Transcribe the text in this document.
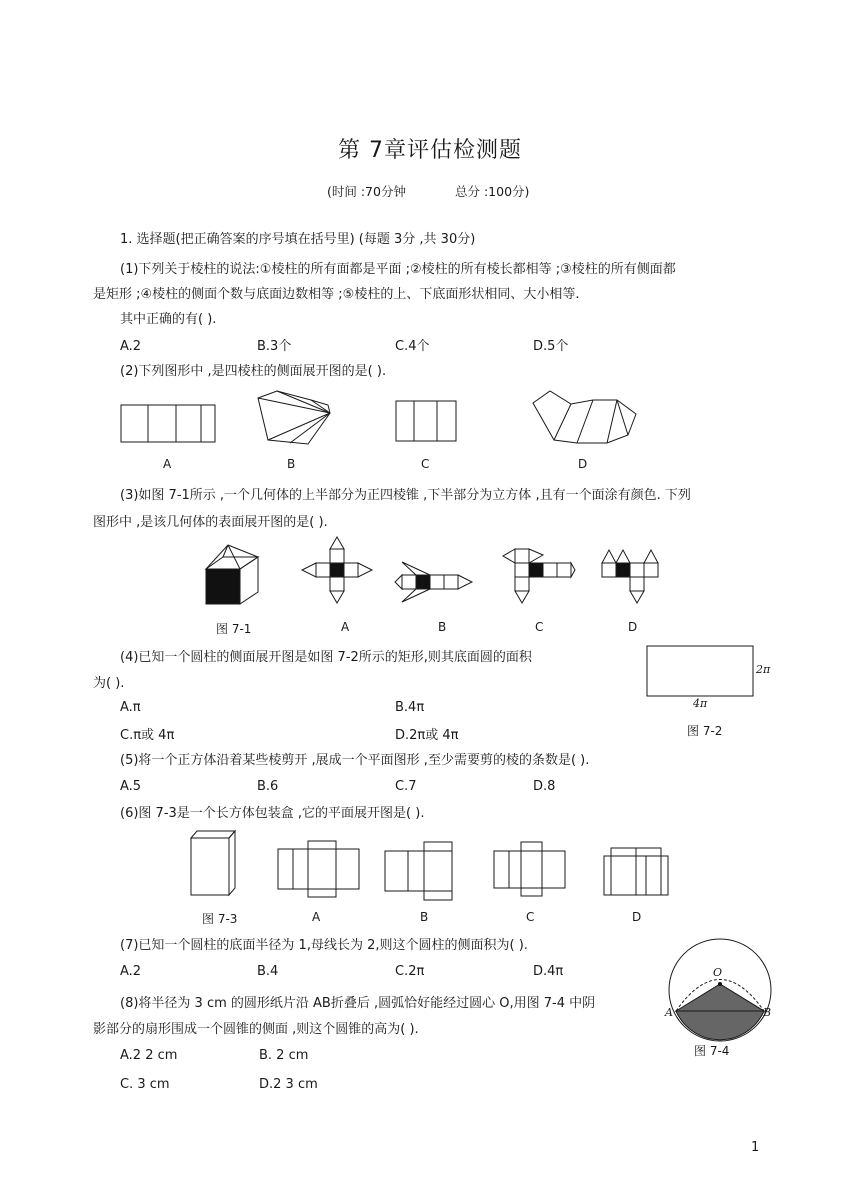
第 7章评估检测题
(时间 :70分钟	总分 :100分)
1. 选择题(把正确答案的序号填在括号里) (每题 3分 ,共 30分)
(1)下列关于棱柱的说法:①棱柱的所有面都是平面 ;②棱柱的所有棱长都相等 ;③棱柱的所有侧面都
是矩形 ;④棱柱的侧面个数与底面边数相等 ;⑤棱柱的上、下底面形状相同、大小相等.
其中正确的有( ).
A.2	B.3个	C.4个	D.5个
(2)下列图形中 ,是四棱柱的侧面展开图的是( ).
A	B	C	D
(3)如图 7-1所示 ,一个几何体的上半部分为正四棱锥 ,下半部分为立方体 ,且有一个面涂有颜色. 下列
图形中 ,是该几何体的表面展开图的是( ).
图 7-1	A	B	C	D
(4)已知一个圆柱的侧面展开图是如图 7-2所示的矩形,则其底面圆的面积
为( ).
A.π	B.4π
C.π或 4π	D.2π或 4π
2π
4π
图 7-2
(5)将一个正方体沿着某些棱剪开 ,展成一个平面图形 ,至少需要剪的棱的条数是( ).
A.5	B.6	C.7	D.8
(6)图 7-3是一个长方体包装盒 ,它的平面展开图是( ).
图 7-3	A	B	C	D
(7)已知一个圆柱的底面半径为 1,母线长为 2,则这个圆柱的侧面积为( ).
A.2	B.4	C.2π	D.4π
(8)将半径为 3 cm 的圆形纸片沿 AB折叠后 ,圆弧恰好能经过圆心 O,用图 7-4 中阴
影部分的扇形围成一个圆锥的侧面 ,则这个圆锥的高为( ).
A.2 2 cm	B. 2 cm
C. 3 cm	D.2 3 cm
O
A	B
图 7-4
1
